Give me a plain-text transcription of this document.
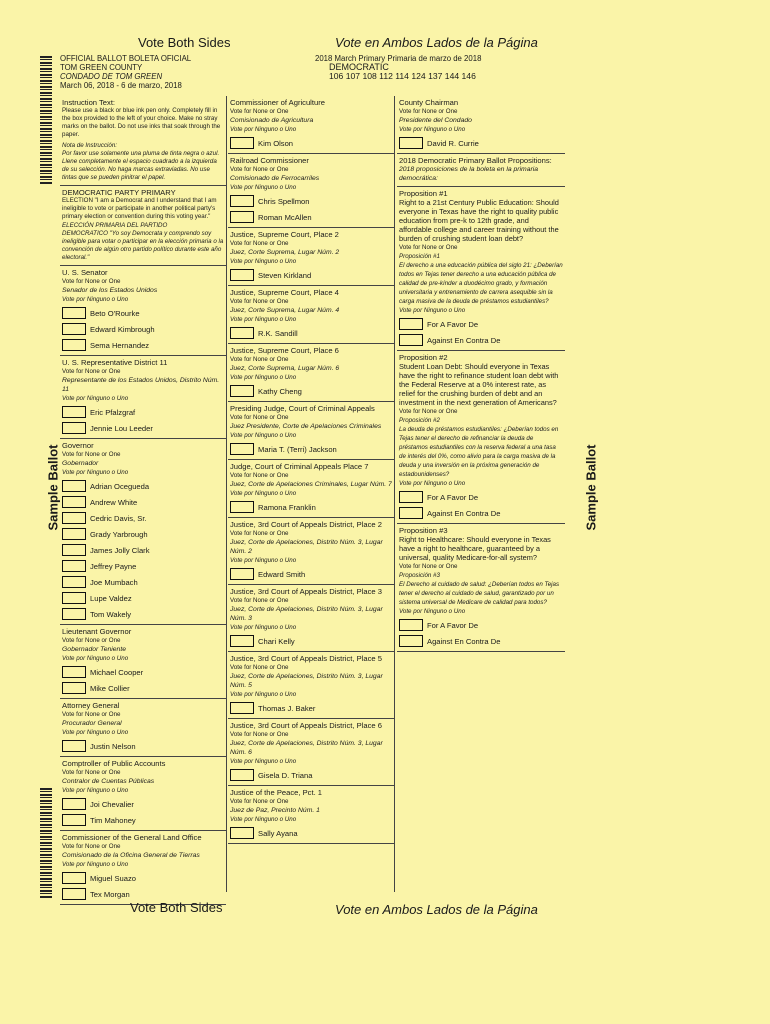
Vote Both Sides	Vote en Ambos Lados de la Página
Sample Ballot	Sample Ballot
OFFICIAL BALLOT BOLETA OFICIAL
TOM GREEN COUNTY
CONDADO DE TOM GREEN
March 06, 2018 - 6 de marzo, 2018
2018 March Primary Primaria de marzo de 2018
DEMOCRATIC
106 107 108 112 114 124 137 144 146
Instruction Text:
Please use a black or blue ink pen only. Completely fill in the box provided to the left of your choice. Make no stray marks on the ballot. Do not use inks that soak through the paper.
Nota de Instrucción:
Por favor use solamente una pluma de tinta negra o azul. Llene completamente el espacio cuadrado a la izquierda de su selección. No haga marcas extraviadas. No use tintas que se pueden pinitrar el papel.
DEMOCRATIC PARTY PRIMARY
ELECTION "I am a Democrat and I understand that I am ineligible to vote or participate in another political party's primary election or convention during this voting year."
ELECCIÓN PRIMARIA DEL PARTIDO
DEMOCRATICO "Yo soy Democrata y comprendo soy ineligible para votar o participar en la elección primaria o la convención de algún otro partido político durante este año electoral."
U. S. Senator
Vote for None or One
Senador de los Estados Unidos
Vote por Ninguno o Uno
Beto O'Rourke
Edward Kimbrough
Sema Hernandez
U. S. Representative District 11
Vote for None or One
Representante de los Estados Unidos, Distrito Núm. 11
Vote por Ninguno o Uno
Eric Pfalzgraf
Jennie Lou Leeder
Governor
Vote for None or One
Gobernador
Vote por Ninguno o Uno
Adrian Ocegueda
Andrew White
Cedric Davis, Sr.
Grady Yarbrough
James Jolly Clark
Jeffrey Payne
Joe Mumbach
Lupe Valdez
Tom Wakely
Lieutenant Governor
Vote for None or One
Gobernador Teniente
Vote por Ninguno o Uno
Michael Cooper
Mike Collier
Attorney General
Vote for None or One
Procurador General
Vote por Ninguno o Uno
Justin Nelson
Comptroller of Public Accounts
Vote for None or One
Contralor de Cuentas Públicas
Vote por Ninguno o Uno
Joi Chevalier
Tim Mahoney
Commissioner of the General Land Office
Vote for None or One
Comisionado de la Oficina General de Tierras
Vote por Ninguno o Uno
Miguel Suazo
Tex Morgan
Commissioner of Agriculture
Vote for None or One
Comisionado de Agricultura
Vote por Ninguno o Uno
Kim Olson
Railroad Commissioner
Vote for None or One
Comisionado de Ferrocarriles
Vote por Ninguno o Uno
Chris Spellmon
Roman McAllen
Justice, Supreme Court, Place 2
Vote for None or One
Juez, Corte Suprema, Lugar Núm. 2
Vote por Ninguno o Uno
Steven Kirkland
Justice, Supreme Court, Place 4
Vote for None or One
Juez, Corte Suprema, Lugar Núm. 4
Vote por Ninguno o Uno
R.K. Sandill
Justice, Supreme Court, Place 6
Vote for None or One
Juez, Corte Suprema, Lugar Núm. 6
Vote por Ninguno o Uno
Kathy Cheng
Presiding Judge, Court of Criminal Appeals
Vote for None or One
Juez Presidente, Corte de Apelaciones Criminales
Vote por Ninguno o Uno
Maria T. (Terri) Jackson
Judge, Court of Criminal Appeals Place 7
Vote for None or One
Juez, Corte de Apelaciones Criminales, Lugar Núm. 7
Vote por Ninguno o Uno
Ramona Franklin
Justice, 3rd Court of Appeals District, Place 2
Vote for None or One
Juez, Corte de Apelaciones, Distrito Núm. 3, Lugar Núm. 2
Vote por Ninguno o Uno
Edward Smith
Justice, 3rd Court of Appeals District, Place 3
Vote for None or One
Juez, Corte de Apelaciones, Distrito Núm. 3, Lugar Núm. 3
Vote por Ninguno o Uno
Chari Kelly
Justice, 3rd Court of Appeals District, Place 5
Vote for None or One
Juez, Corte de Apelaciones, Distrito Núm. 3, Lugar Núm. 5
Vote por Ninguno o Uno
Thomas J. Baker
Justice, 3rd Court of Appeals District, Place 6
Vote for None or One
Juez, Corte de Apelaciones, Distrito Núm. 3, Lugar Núm. 6
Vote por Ninguno o Uno
Gisela D. Triana
Justice of the Peace, Pct. 1
Vote for None or One
Juez de Paz, Precinto Núm. 1
Vote por Ninguno o Uno
Sally Ayana
County Chairman
Vote for None or One
Presidente del Condado
Vote por Ninguno o Uno
David R. Currie
2018 Democratic Primary Ballot Propositions:
2018 proposiciones de la boleta en la primaria democrática:
Proposition #1
Right to a 21st Century Public Education: Should everyone in Texas have the right to quality public education from pre-k to 12th grade, and affordable college and career training without the burden of crushing student loan debt?
Vote for None or One
Proposición #1
El derecho a una educación pública del siglo 21: ¿Deberían todos en Tejas tener derecho a una educación pública de calidad de pre-kínder a duodécimo grado, y formación universitaria y entrenamiento de carrera asequible sin la carga masiva de la deuda de préstamos estudiantiles?
Vote por Ninguno o Uno
For A Favor De
Against En Contra De
Proposition #2
Student Loan Debt: Should everyone in Texas have the right to refinance student loan debt with the Federal Reserve at a 0% interest rate, as relief for the crushing burden of debt and an investment in the next generation of Americans?
Vote for None or One
Proposición #2
La deuda de préstamos estudiantiles: ¿Deberían todos en Tejas tener el derecho de refinanciar la deuda de préstamos estudiantiles con la reserva federal a una tasa de interés del 0%, como alivio para la carga masiva de la deuda y una inversión en la próxima generación de estadounidenses?
Vote por Ninguno o Uno
For A Favor De
Against En Contra De
Proposition #3
Right to Healthcare: Should everyone in Texas have a right to healthcare, guaranteed by a universal, quality Medicare-for-all system?
Vote for None or One
Proposición #3
El Derecho al cuidado de salud: ¿Deberían todos en Tejas tener el derecho al cuidado de salud, garantizado por un sistema universal de Medicare de calidad para todos?
Vote por Ninguno o Uno
For A Favor De
Against En Contra De
Vote Both Sides	Vote en Ambos Lados de la Página
